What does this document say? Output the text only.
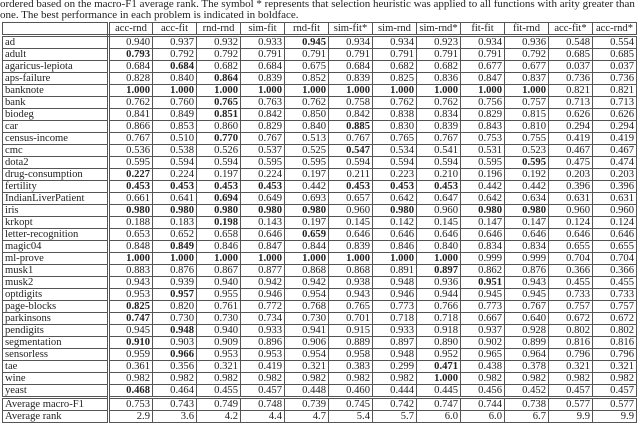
ordered based on the macro-F1 average rank. The symbol * represents that selection heuristic was applied to all functions with arity greater than
one. The best performance in each problem is indicated in boldface.
	acc-rnd	acc-fit	rnd-rnd	sim-fit	rnd-fit	sim-fit*	sim-rnd	sim-rnd*	fit-fit	fit-rnd	acc-fit*	acc-rnd*
ad	0.940	0.937	0.932	0.933	0.945	0.934	0.934	0.923	0.934	0.936	0.548	0.554
adult	0.793	0.792	0.792	0.791	0.791	0.791	0.791	0.791	0.791	0.792	0.685	0.685
agaricus-lepiota	0.684	0.684	0.682	0.684	0.675	0.684	0.682	0.682	0.677	0.677	0.037	0.037
aps-failure	0.828	0.840	0.864	0.839	0.852	0.839	0.825	0.836	0.847	0.837	0.736	0.736
banknote	1.000	1.000	1.000	1.000	1.000	1.000	1.000	1.000	1.000	1.000	0.821	0.821
bank	0.762	0.760	0.765	0.763	0.762	0.758	0.762	0.762	0.756	0.757	0.713	0.713
biodeg	0.841	0.849	0.851	0.842	0.850	0.842	0.838	0.834	0.829	0.815	0.626	0.626
car	0.866	0.853	0.860	0.829	0.840	0.885	0.830	0.839	0.843	0.810	0.294	0.294
census-income	0.767	0.510	0.770	0.767	0.513	0.767	0.765	0.767	0.753	0.755	0.419	0.419
cmc	0.536	0.538	0.526	0.537	0.525	0.547	0.534	0.541	0.531	0.523	0.467	0.467
dota2	0.595	0.594	0.594	0.595	0.595	0.594	0.594	0.594	0.595	0.595	0.475	0.474
drug-consumption	0.227	0.224	0.197	0.224	0.197	0.211	0.223	0.210	0.196	0.192	0.203	0.203
fertility	0.453	0.453	0.453	0.453	0.442	0.453	0.453	0.453	0.442	0.442	0.396	0.396
IndianLiverPatient	0.661	0.641	0.694	0.649	0.693	0.657	0.642	0.647	0.642	0.634	0.631	0.631
iris	0.980	0.980	0.980	0.980	0.980	0.960	0.980	0.960	0.980	0.980	0.960	0.960
krkopt	0.188	0.183	0.198	0.143	0.197	0.145	0.142	0.145	0.147	0.147	0.124	0.124
letter-recognition	0.653	0.652	0.658	0.646	0.659	0.646	0.646	0.646	0.646	0.646	0.646	0.646
magic04	0.848	0.849	0.846	0.847	0.844	0.839	0.846	0.840	0.834	0.834	0.655	0.655
ml-prove	1.000	1.000	1.000	1.000	1.000	1.000	1.000	1.000	0.999	0.999	0.704	0.704
musk1	0.883	0.876	0.867	0.877	0.868	0.868	0.891	0.897	0.862	0.876	0.366	0.366
musk2	0.943	0.939	0.940	0.942	0.942	0.938	0.948	0.936	0.951	0.943	0.455	0.455
optdigits	0.953	0.957	0.955	0.946	0.954	0.943	0.946	0.944	0.945	0.945	0.733	0.733
page-blocks	0.825	0.820	0.761	0.772	0.768	0.765	0.773	0.766	0.773	0.767	0.757	0.757
parkinsons	0.747	0.730	0.730	0.734	0.730	0.701	0.718	0.718	0.667	0.640	0.672	0.672
pendigits	0.945	0.948	0.940	0.933	0.941	0.915	0.933	0.918	0.937	0.928	0.802	0.802
segmentation	0.910	0.903	0.909	0.896	0.906	0.889	0.897	0.890	0.902	0.899	0.816	0.816
sensorless	0.959	0.966	0.953	0.953	0.954	0.958	0.948	0.952	0.965	0.964	0.796	0.796
tae	0.361	0.356	0.321	0.419	0.321	0.383	0.299	0.471	0.438	0.378	0.321	0.321
wine	0.982	0.982	0.982	0.982	0.982	0.982	0.982	1.000	0.982	0.982	0.982	0.982
yeast	0.468	0.464	0.455	0.457	0.448	0.460	0.444	0.445	0.456	0.452	0.457	0.457
Average macro-F1	0.753	0.743	0.749	0.748	0.739	0.745	0.742	0.747	0.744	0.738	0.577	0.577
Average rank	2.9	3.6	4.2	4.4	4.7	5.4	5.7	6.0	6.0	6.7	9.9	9.9
